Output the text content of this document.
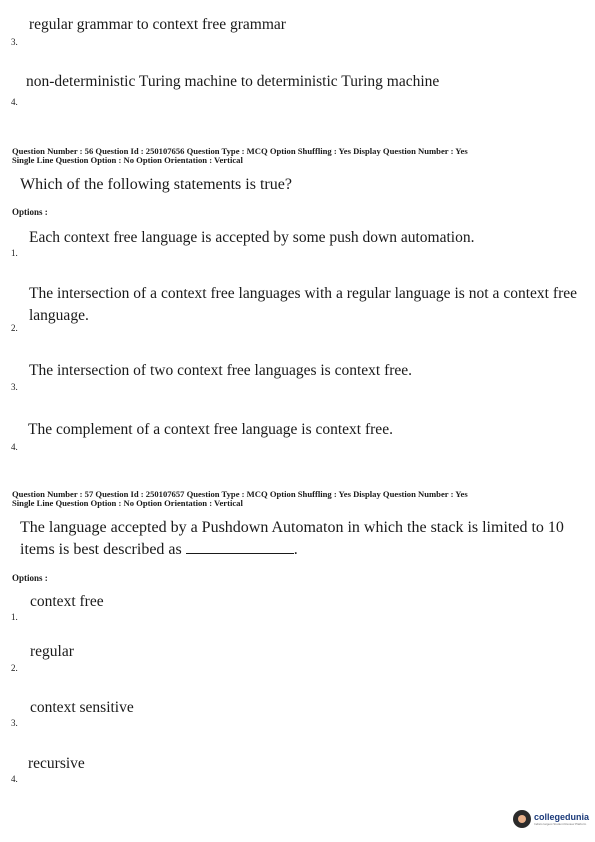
regular grammar to context free grammar
3.
non-deterministic Turing machine to deterministic Turing machine
4.
Question Number : 56 Question Id : 250107656 Question Type : MCQ Option Shuffling : Yes Display Question Number : Yes
Single Line Question Option : No Option Orientation : Vertical
Which of the following statements is true?
Options :
Each context free language is accepted by some push down automation.
1.
The intersection of a context free languages with a regular language is not a context free language.
2.
The intersection of two context free languages is context free.
3.
The complement of a context free language is context free.
4.
Question Number : 57 Question Id : 250107657 Question Type : MCQ Option Shuffling : Yes Display Question Number : Yes
Single Line Question Option : No Option Orientation : Vertical
The language accepted by a Pushdown Automaton in which the stack is limited to 10 items is best described as	.
Options :
context free
1.
regular
2.
context sensitive
3.
recursive
4.
collegedunia
India's largest Student Review Platform
